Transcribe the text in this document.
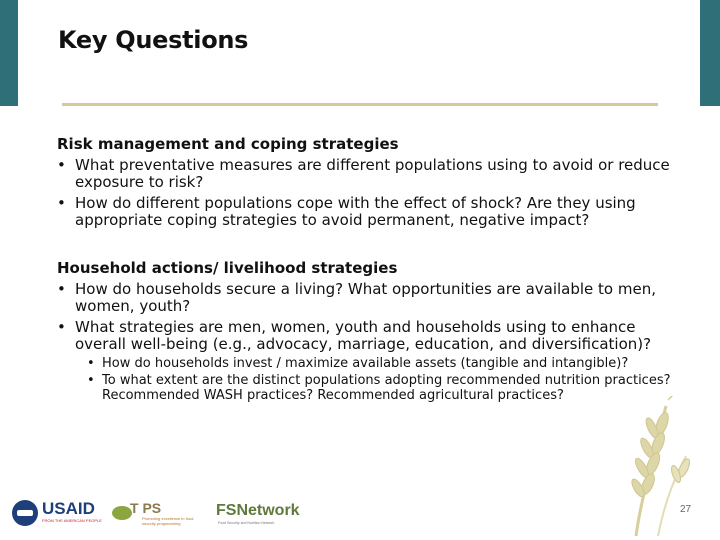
Key Questions

Risk management and coping strategies

• What preventative measures are different populations using to avoid or reduce exposure to risk?
• How do different populations cope with the effect of shock? Are they using appropriate coping strategies to avoid permanent, negative impact?

Household actions/ livelihood strategies

• How do households secure a living? What opportunities are available to men, women, youth?
• What strategies are men, women, youth and households using to enhance overall well-being (e.g., advocacy, marriage, education, and diversification)?
• How do households invest / maximize available assets (tangible and intangible)?
• To what extent are the distinct populations adopting recommended nutrition practices? Recommended WASH practices? Recommended agricultural practices?
USAID
FROM THE AMERICAN PEOPLE
T PS
Promoting excellence in food security programming
FSNetwork
Food Security and Nutrition Network
27
